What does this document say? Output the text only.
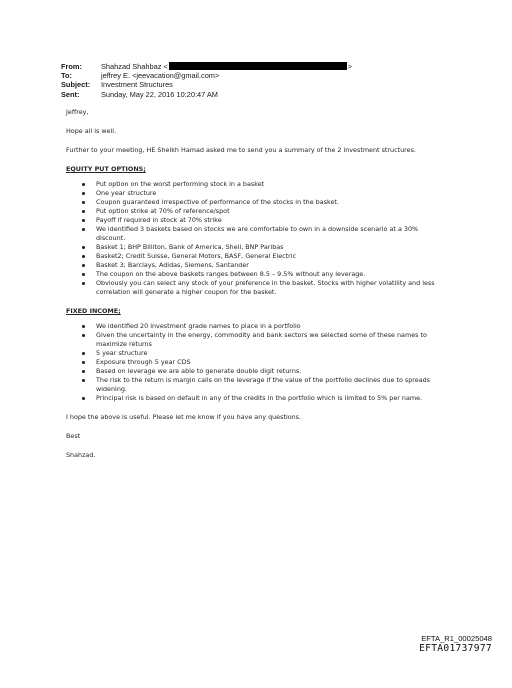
From:	Shahzad Shahbaz <	>
To:	jeffrey E. <jeevacation@gmail.com>
Subject:	Investment Structures
Sent:	Sunday, May 22, 2016 10:20:47 AM
Jeffrey,
Hope all is well.
Further to your meeting, HE Sheikh Hamad asked me to send you a summary of the 2 investment structures.
EQUITY PUT OPTIONS;
Put option on the worst performing stock in a basket
One year structure
Coupon guaranteed irrespective of performance of the stocks in the basket.
Put option strike at 70% of reference/spot
Payoff if required in stock at 70% strike
We identified 3 baskets based on stocks we are comfortable to own in a downside scenario at a 30% discount.
Basket 1; BHP Billiton, Bank of America, Shell, BNP Paribas
Basket2; Credit Suisse, General Motors, BASF, General Electric
Basket 3; Barclays, Adidas, Siemens, Santander
The coupon on the above baskets ranges between 8.5 – 9.5% without any leverage.
Obviously you can select any stock of your preference in the basket. Stocks with higher volatility and less correlation will generate a higher coupon for the basket.
FIXED INCOME;
We identified 20 investment grade names to place in a portfolio
Given the uncertainty in the energy, commodity and bank sectors we selected some of these names to maximize returns
5 year structure
Exposure through 5 year CDS
Based on leverage we are able to generate double digit returns.
The risk to the return is margin calls on the leverage if the value of the portfolio declines due to spreads widening.
Principal risk is based on default in any of the credits in the portfolio which is limited to 5% per name.
I hope the above is useful. Please let me know if you have any questions.
Best
Shahzad.
EFTA_R1_00025048
EFTA01737977
